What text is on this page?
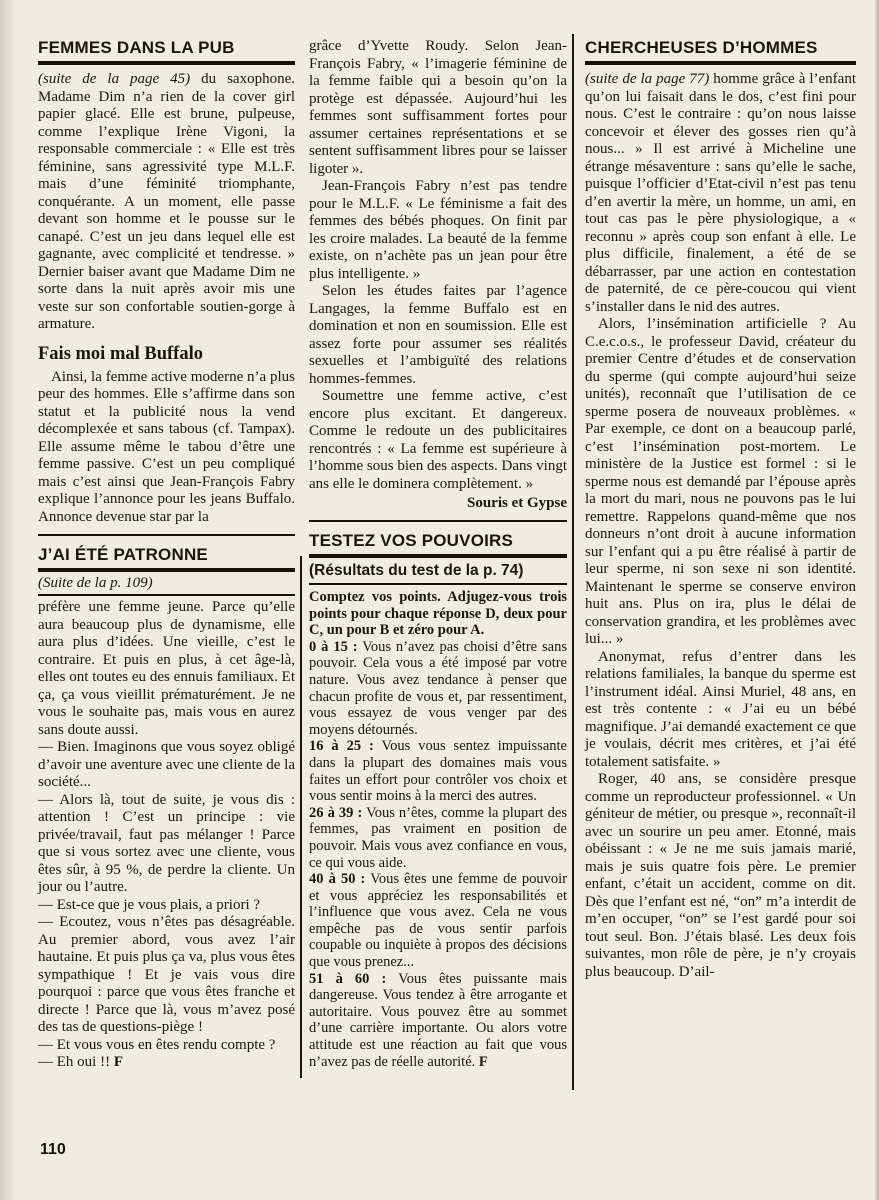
FEMMES DANS LA PUB

(suite de la page 45) du saxophone. Madame Dim n’a rien de la cover girl papier glacé. Elle est brune, pulpeuse, comme l’explique Irène Vigoni, la responsable commerciale : « Elle est très féminine, sans agressivité type M.L.F. mais d’une féminité triomphante, conquérante. A un moment, elle passe devant son homme et le pousse sur le canapé. C’est un jeu dans lequel elle est gagnante, avec complicité et tendresse. » Dernier baiser avant que Madame Dim ne sorte dans la nuit après avoir mis une veste sur son confortable soutien-gorge à armature.

Fais moi mal Buffalo

Ainsi, la femme active moderne n’a plus peur des hommes. Elle s’affirme dans son statut et la publicité nous la vend décomplexée et sans tabous (cf. Tampax). Elle assume même le tabou d’être une femme passive. C’est un peu compliqué mais c’est ainsi que Jean-François Fabry explique l’annonce pour les jeans Buffalo. Annonce devenue star par la

J’AI ÉTÉ PATRONNE
(Suite de la p. 109)

préfère une femme jeune. Parce qu’elle aura beaucoup plus de dynamisme, elle aura plus d’idées. Une vieille, c’est le contraire. Et puis en plus, à cet âge-là, elles ont toutes eu des ennuis familiaux. Et ça, ça vous vieillit prématurément. Je ne vous le souhaite pas, mais vous en aurez sans doute aussi.

— Bien. Imaginons que vous soyez obligé d’avoir une aventure avec une cliente de la société...

— Alors là, tout de suite, je vous dis : attention ! C’est un principe : vie privée/travail, faut pas mélanger ! Parce que si vous sortez avec une cliente, vous êtes sûr, à 95 %, de perdre la cliente. Un jour ou l’autre.

— Est-ce que je vous plais, a priori ?

— Ecoutez, vous n’êtes pas désagréable. Au premier abord, vous avez l’air hautaine. Et puis plus ça va, plus vous êtes sympathique ! Et je vais vous dire pourquoi : parce que vous êtes franche et directe ! Parce que là, vous m’avez posé des tas de questions-piège !

— Et vous vous en êtes rendu compte ?

— Eh oui !! F

grâce d’Yvette Roudy. Selon Jean-François Fabry, « l’imagerie féminine de la femme faible qui a besoin qu’on la protège est dépassée. Aujourd’hui les femmes sont suffisamment fortes pour assumer certaines représentations et se sentent suffisamment libres pour se laisser ligoter ».

Jean-François Fabry n’est pas tendre pour le M.L.F. « Le féminisme a fait des femmes des bébés phoques. On finit par les croire malades. La beauté de la femme existe, on n’achète pas un jean pour être plus intelligente. »

Selon les études faites par l’agence Langages, la femme Buffalo est en domination et non en soumission. Elle est assez forte pour assumer ses réalités sexuelles et l’ambiguïté des relations hommes-femmes.

Soumettre une femme active, c’est encore plus excitant. Et dangereux. Comme le redoute un des publicitaires rencontrés : « La femme est supérieure à l’homme sous bien des aspects. Dans vingt ans elle le dominera complètement. »

Souris et Gypse

TESTEZ VOS POUVOIRS
(Résultats du test de la p. 74)

Comptez vos points. Adjugez-vous trois points pour chaque réponse D, deux pour C, un pour B et zéro pour A.

0 à 15 : Vous n’avez pas choisi d’être sans pouvoir. Cela vous a été imposé par votre nature. Vous avez tendance à penser que chacun profite de vous et, par ressentiment, vous essayez de vous venger par des moyens détournés.

16 à 25 : Vous vous sentez impuissante dans la plupart des domaines mais vous faites un effort pour contrôler vos choix et vous sentir moins à la merci des autres.

26 à 39 : Vous n’êtes, comme la plupart des femmes, pas vraiment en position de pouvoir. Mais vous avez confiance en vous, ce qui vous aide.

40 à 50 : Vous êtes une femme de pouvoir et vous appréciez les responsabilités et l’influence que vous avez. Cela ne vous empêche pas de vous sentir parfois coupable ou inquiète à propos des décisions que vous prenez...

51 à 60 : Vous êtes puissante mais dangereuse. Vous tendez à être arrogante et autoritaire. Vous pouvez être au sommet d’une carrière importante. Ou alors votre attitude est une réaction au fait que vous n’avez pas de réelle autorité. F

CHERCHEUSES D’HOMMES

(suite de la page 77) homme grâce à l’enfant qu’on lui faisait dans le dos, c’est fini pour nous. C’est le contraire : qu’on nous laisse concevoir et élever des gosses rien qu’à nous... » Il est arrivé à Micheline une étrange mésaventure : sans qu’elle le sache, puisque l’officier d’Etat-civil n’est pas tenu d’en avertir la mère, un homme, un ami, en tout cas pas le père physiologique, a « reconnu » après coup son enfant à elle. Le plus difficile, finalement, a été de se débarrasser, par une action en contestation de paternité, de ce père-coucou qui vient s’installer dans le nid des autres.

Alors, l’insémination artificielle ? Au C.e.c.o.s., le professeur David, créateur du premier Centre d’études et de conservation du sperme (qui compte aujourd’hui seize unités), reconnaît que l’utilisation de ce sperme posera de nouveaux problèmes. « Par exemple, ce dont on a beaucoup parlé, c’est l’insémination post-mortem. Le ministère de la Justice est formel : si le sperme nous est demandé par l’épouse après la mort du mari, nous ne pouvons pas le lui remettre. Rappelons quand-même que nos donneurs n’ont droit à aucune information sur l’enfant qui a pu être réalisé à partir de leur sperme, ni son sexe ni son identité. Maintenant le sperme se conserve environ huit ans. Plus on ira, plus le délai de conservation grandira, et les problèmes avec lui... »

Anonymat, refus d’entrer dans les relations familiales, la banque du sperme est l’instrument idéal. Ainsi Muriel, 48 ans, en est très contente : « J’ai eu un bébé magnifique. J’ai demandé exactement ce que je voulais, décrit mes critères, et j’ai été totalement satisfaite. »

Roger, 40 ans, se considère presque comme un reproducteur professionnel. « Un géniteur de métier, ou presque », reconnaît-il avec un sourire un peu amer. Etonné, mais obéissant : « Je ne me suis jamais marié, mais je suis quatre fois père. Le premier enfant, c’était un accident, comme on dit. Dès que l’enfant est né, “on” m’a interdit de m’en occuper, “on” se l’est gardé pour soi tout seul. Bon. J’étais blasé. Les deux fois suivantes, mon rôle de père, je n’y croyais plus beaucoup. D’ail-

110
